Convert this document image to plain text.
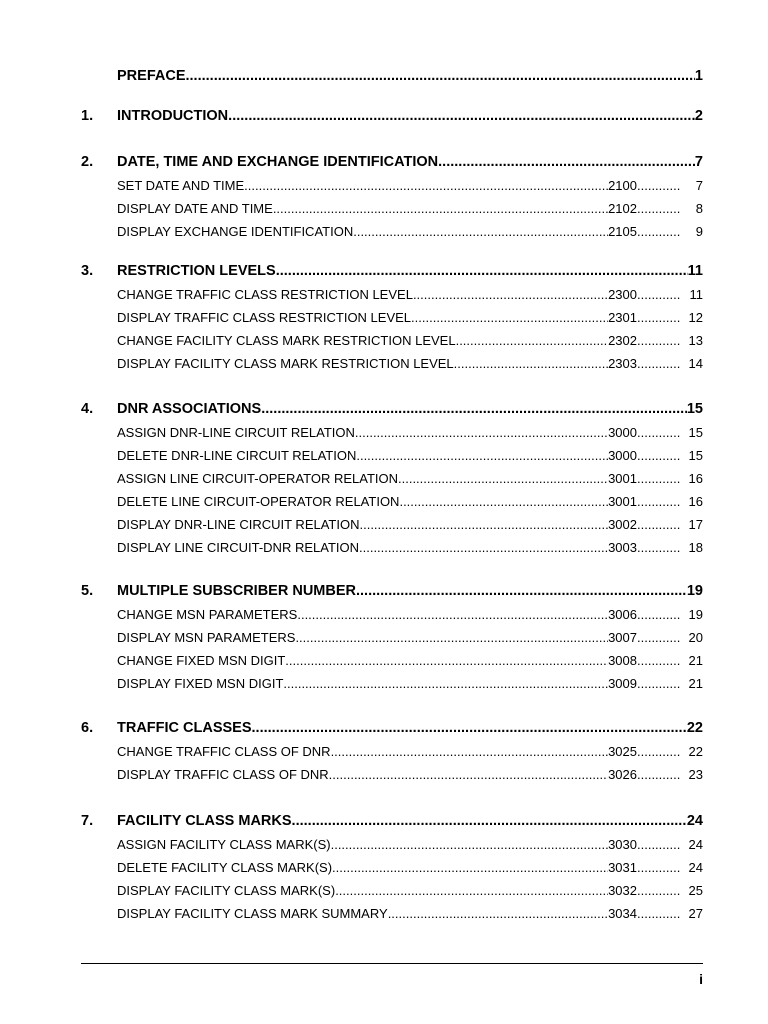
PREFACE .....	1
1.	INTRODUCTION .....	2
2.	DATE, TIME AND EXCHANGE IDENTIFICATION .....	7
SET DATE AND TIME .....	2100 ............	7
DISPLAY DATE AND TIME .....	2102 ............	8
DISPLAY EXCHANGE IDENTIFICATION .....	2105 ............	9
3.	RESTRICTION LEVELS .....	11
CHANGE TRAFFIC CLASS RESTRICTION LEVEL .....	2300 ............ 11
DISPLAY TRAFFIC CLASS RESTRICTION LEVEL .....	2301 ............ 12
CHANGE FACILITY CLASS MARK RESTRICTION LEVEL .....	2302 ............ 13
DISPLAY FACILITY CLASS MARK RESTRICTION LEVEL .....	2303 ............ 14
4.	DNR ASSOCIATIONS .....	15
ASSIGN DNR-LINE CIRCUIT RELATION .....	3000 ............ 15
DELETE DNR-LINE CIRCUIT RELATION .....	3000 ............ 15
ASSIGN LINE CIRCUIT-OPERATOR RELATION .....	3001 ............ 16
DELETE LINE CIRCUIT-OPERATOR RELATION .....	3001 ............ 16
DISPLAY DNR-LINE CIRCUIT RELATION .....	3002 ............ 17
DISPLAY LINE CIRCUIT-DNR RELATION .....	3003 ............ 18
5.	MULTIPLE SUBSCRIBER NUMBER .....	19
CHANGE MSN PARAMETERS .....	3006 ............ 19
DISPLAY MSN PARAMETERS .....	3007 ............ 20
CHANGE FIXED MSN DIGIT .....	3008 ............ 21
DISPLAY FIXED MSN DIGIT .....	3009 ............ 21
6.	TRAFFIC CLASSES .....	22
CHANGE TRAFFIC CLASS OF DNR .....	3025 ............ 22
DISPLAY TRAFFIC CLASS OF DNR .....	3026 ............ 23
7.	FACILITY CLASS MARKS .....	24
ASSIGN FACILITY CLASS MARK(S) .....	3030 ............ 24
DELETE FACILITY CLASS MARK(S) .....	3031 ............ 24
DISPLAY FACILITY CLASS MARK(S) .....	3032 ............ 25
DISPLAY FACILITY CLASS MARK SUMMARY .....	3034 ............ 27
i
